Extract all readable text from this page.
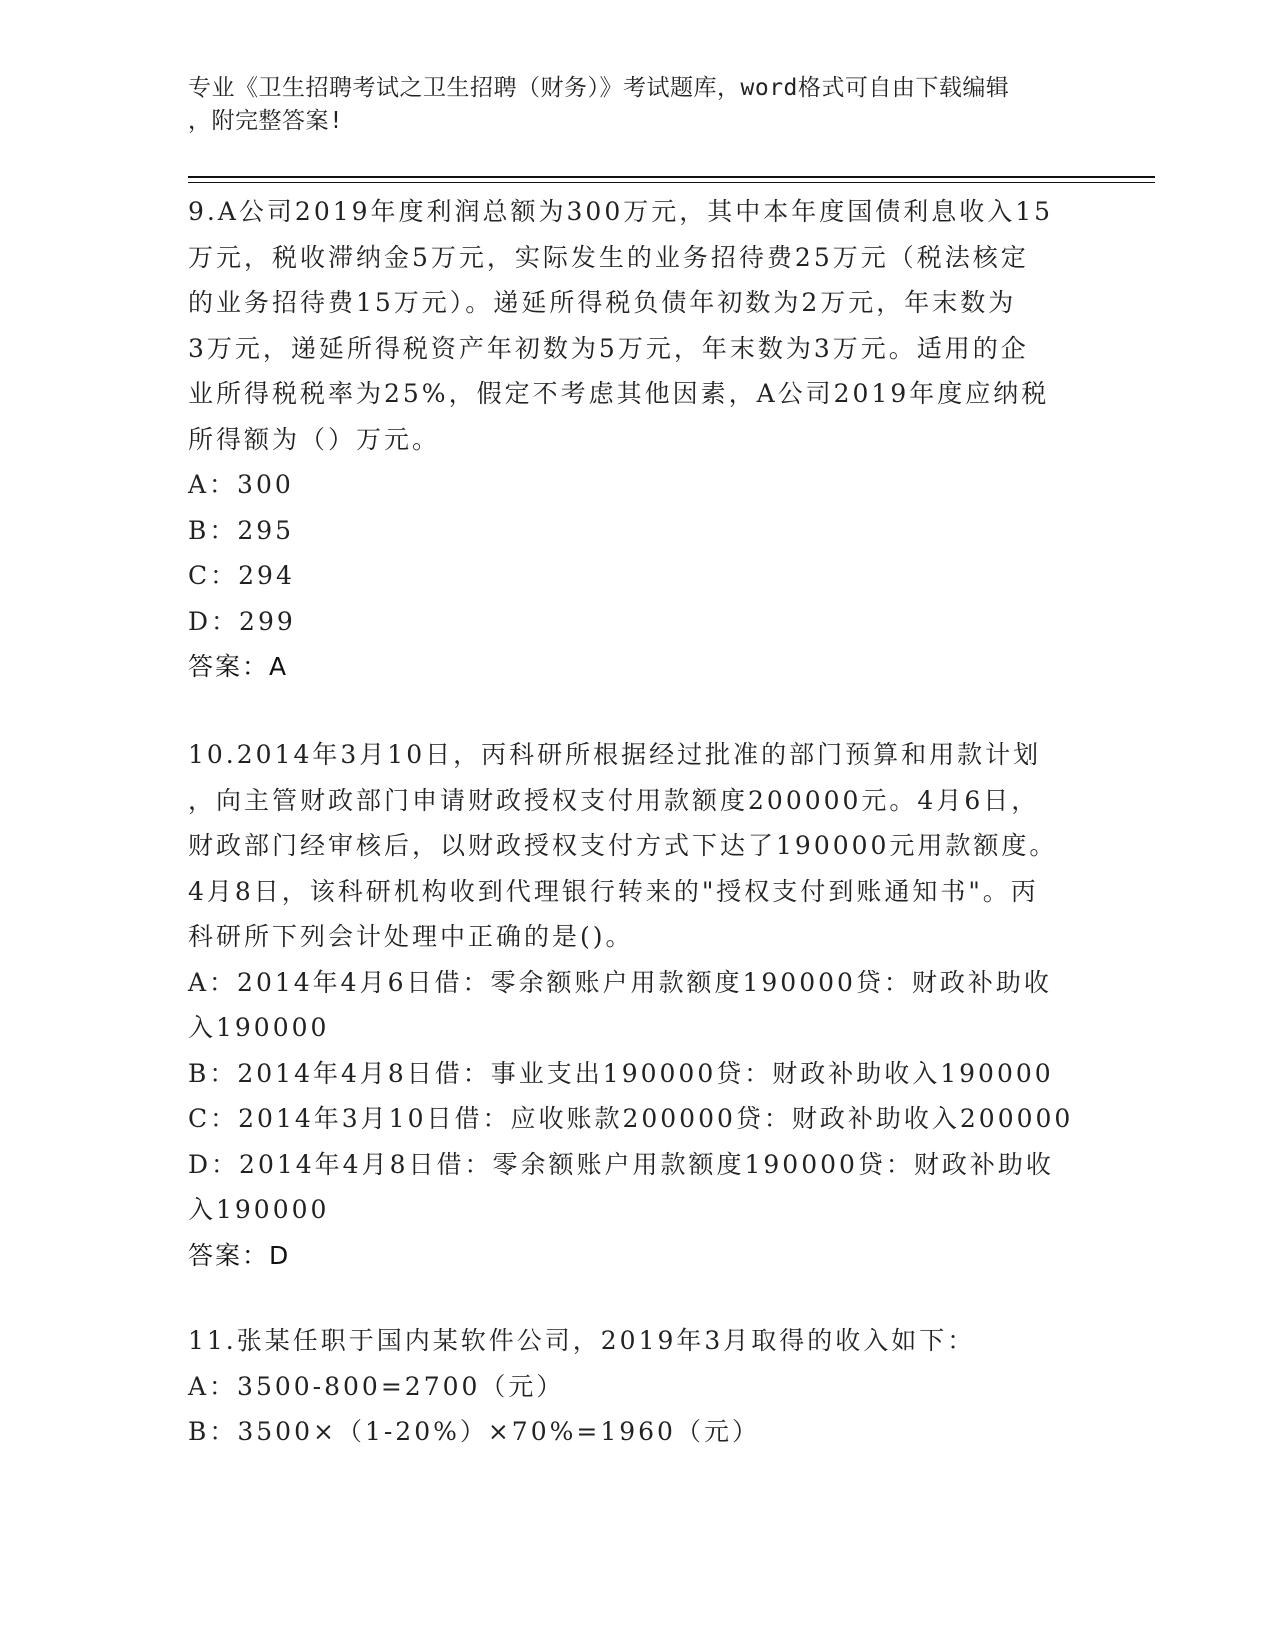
专业《卫生招聘考试之卫生招聘（财务）》考试题库，word格式可自由下载编辑
，附完整答案!
9.A公司2019年度利润总额为300万元，其中本年度国债利息收入15
万元，税收滞纳金5万元，实际发生的业务招待费25万元（税法核定
的业务招待费15万元）。递延所得税负债年初数为2万元，年末数为
3万元，递延所得税资产年初数为5万元，年末数为3万元。适用的企
业所得税税率为25%，假定不考虑其他因素，A公司2019年度应纳税
所得额为（）万元。
A：300
B：295
C：294
D：299
答案：A
10.2014年3月10日，丙科研所根据经过批准的部门预算和用款计划
，向主管财政部门申请财政授权支付用款额度200000元。4月6日，
财政部门经审核后，以财政授权支付方式下达了190000元用款额度。
4月8日，该科研机构收到代理银行转来的"授权支付到账通知书"。丙
科研所下列会计处理中正确的是()。
A：2014年4月6日借：零余额账户用款额度190000贷：财政补助收
入190000
B：2014年4月8日借：事业支出190000贷：财政补助收入190000
C：2014年3月10日借：应收账款200000贷：财政补助收入200000
D：2014年4月8日借：零余额账户用款额度190000贷：财政补助收
入190000
答案：D
11.张某任职于国内某软件公司，2019年3月取得的收入如下：
A：3500-800=2700（元）
B：3500×（1-20%）×70%=1960（元）
